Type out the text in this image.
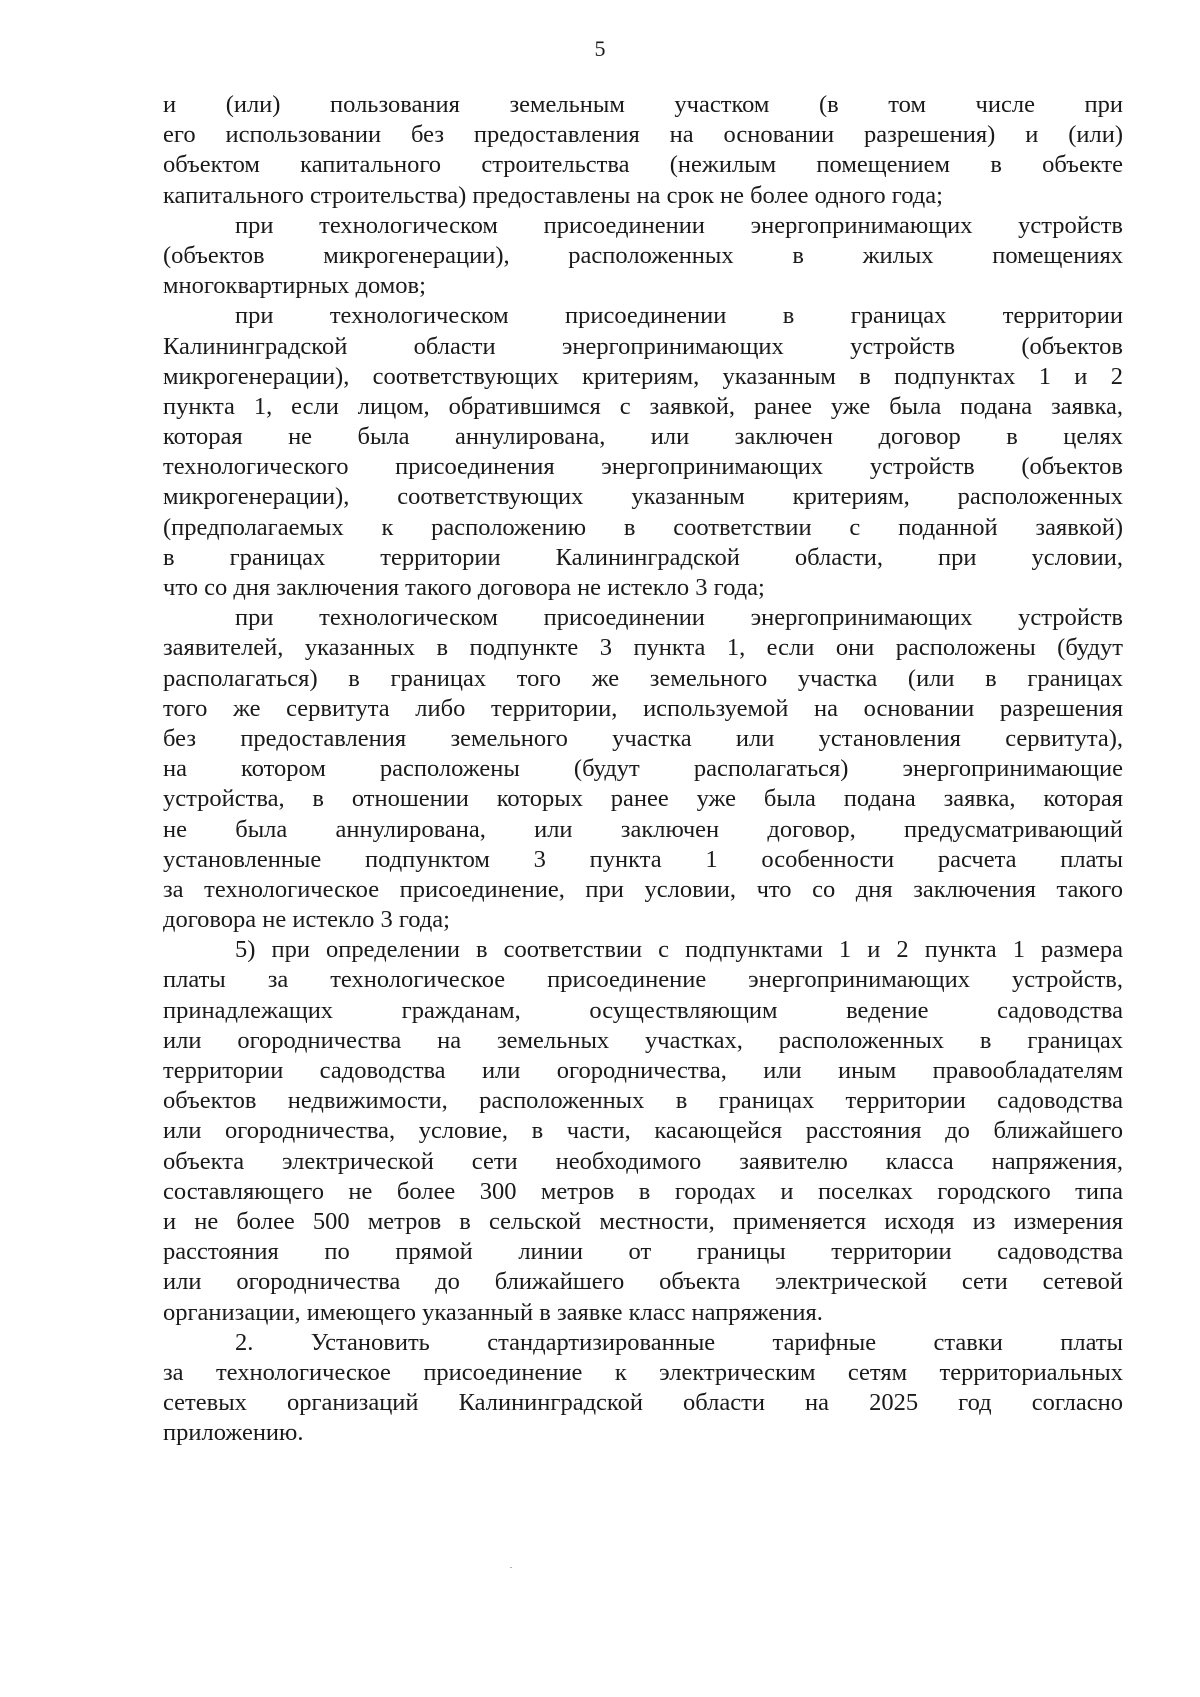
5
и (или) пользования земельным участком (в том числе при
его использовании без предоставления на основании разрешения) и (или)
объектом капитального строительства (нежилым помещением в объекте
капитального строительства) предоставлены на срок не более одного года;
при технологическом присоединении энергопринимающих устройств
(объектов микрогенерации), расположенных в жилых помещениях
многоквартирных домов;
при технологическом присоединении в границах территории
Калининградской области энергопринимающих устройств (объектов
микрогенерации), соответствующих критериям, указанным в подпунктах 1 и 2
пункта 1, если лицом, обратившимся с заявкой, ранее уже была подана заявка,
которая не была аннулирована, или заключен договор в целях
технологического присоединения энергопринимающих устройств (объектов
микрогенерации), соответствующих указанным критериям, расположенных
(предполагаемых к расположению в соответствии с поданной заявкой)
в границах территории Калининградской области, при условии,
что со дня заключения такого договора не истекло 3 года;
при технологическом присоединении энергопринимающих устройств
заявителей, указанных в подпункте 3 пункта 1, если они расположены (будут
располагаться) в границах того же земельного участка (или в границах
того же сервитута либо территории, используемой на основании разрешения
без предоставления земельного участка или установления сервитута),
на котором расположены (будут располагаться) энергопринимающие
устройства, в отношении которых ранее уже была подана заявка, которая
не была аннулирована, или заключен договор, предусматривающий
установленные подпунктом 3 пункта 1 особенности расчета платы
за технологическое присоединение, при условии, что со дня заключения такого
договора не истекло 3 года;
5) при определении в соответствии с подпунктами 1 и 2 пункта 1 размера
платы за технологическое присоединение энергопринимающих устройств,
принадлежащих гражданам, осуществляющим ведение садоводства
или огородничества на земельных участках, расположенных в границах
территории садоводства или огородничества, или иным правообладателям
объектов недвижимости, расположенных в границах территории садоводства
или огородничества, условие, в части, касающейся расстояния до ближайшего
объекта электрической сети необходимого заявителю класса напряжения,
составляющего не более 300 метров в городах и поселках городского типа
и не более 500 метров в сельской местности, применяется исходя из измерения
расстояния по прямой линии от границы территории садоводства
или огородничества до ближайшего объекта электрической сети сетевой
организации, имеющего указанный в заявке класс напряжения.
2. Установить стандартизированные тарифные ставки платы
за технологическое присоединение к электрическим сетям территориальных
сетевых организаций Калининградской области на 2025 год согласно
приложению.
